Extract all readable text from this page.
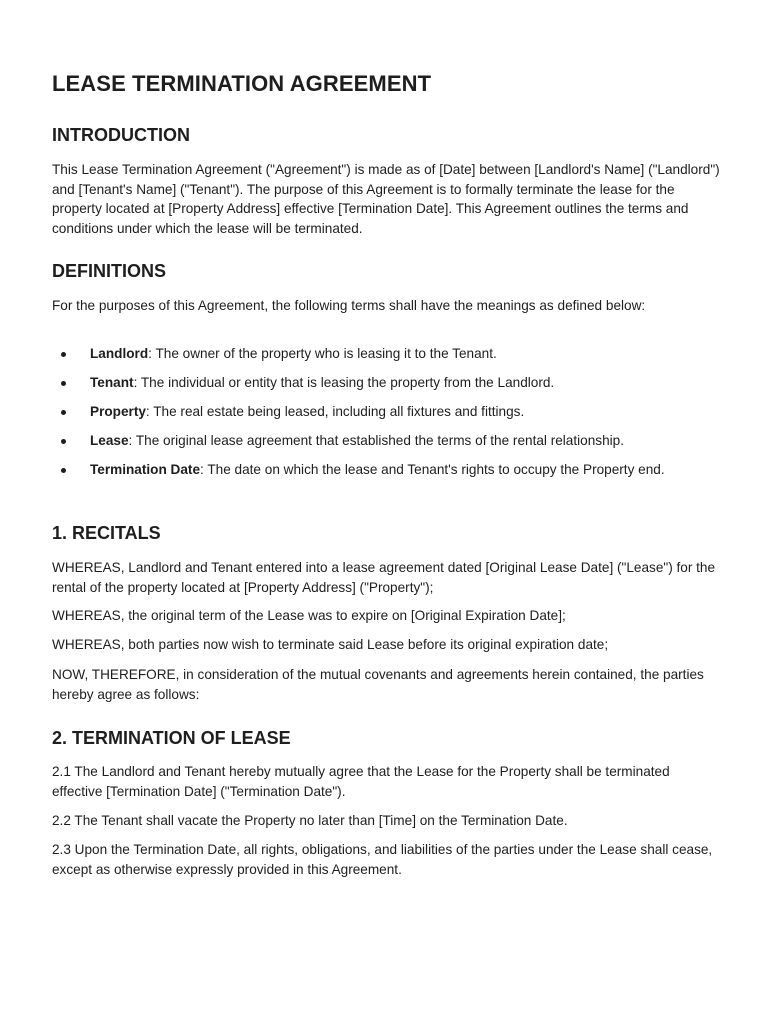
LEASE TERMINATION AGREEMENT
INTRODUCTION

This Lease Termination Agreement ("Agreement") is made as of [Date] between [Landlord's Name] ("Landlord") and [Tenant's Name] ("Tenant"). The purpose of this Agreement is to formally terminate the lease for the property located at [Property Address] effective [Termination Date]. This Agreement outlines the terms and conditions under which the lease will be terminated.

DEFINITIONS

For the purposes of this Agreement, the following terms shall have the meanings as defined below:

Landlord: The owner of the property who is leasing it to the Tenant.
Tenant: The individual or entity that is leasing the property from the Landlord.
Property: The real estate being leased, including all fixtures and fittings.
Lease: The original lease agreement that established the terms of the rental relationship.
Termination Date: The date on which the lease and Tenant's rights to occupy the Property end.
1. RECITALS

WHEREAS, Landlord and Tenant entered into a lease agreement dated [Original Lease Date] ("Lease") for the rental of the property located at [Property Address] ("Property");

WHEREAS, the original term of the Lease was to expire on [Original Expiration Date];

WHEREAS, both parties now wish to terminate said Lease before its original expiration date;

NOW, THEREFORE, in consideration of the mutual covenants and agreements herein contained, the parties hereby agree as follows:

2. TERMINATION OF LEASE

2.1 The Landlord and Tenant hereby mutually agree that the Lease for the Property shall be terminated effective [Termination Date] ("Termination Date").

2.2 The Tenant shall vacate the Property no later than [Time] on the Termination Date.

2.3 Upon the Termination Date, all rights, obligations, and liabilities of the parties under the Lease shall cease, except as otherwise expressly provided in this Agreement.
